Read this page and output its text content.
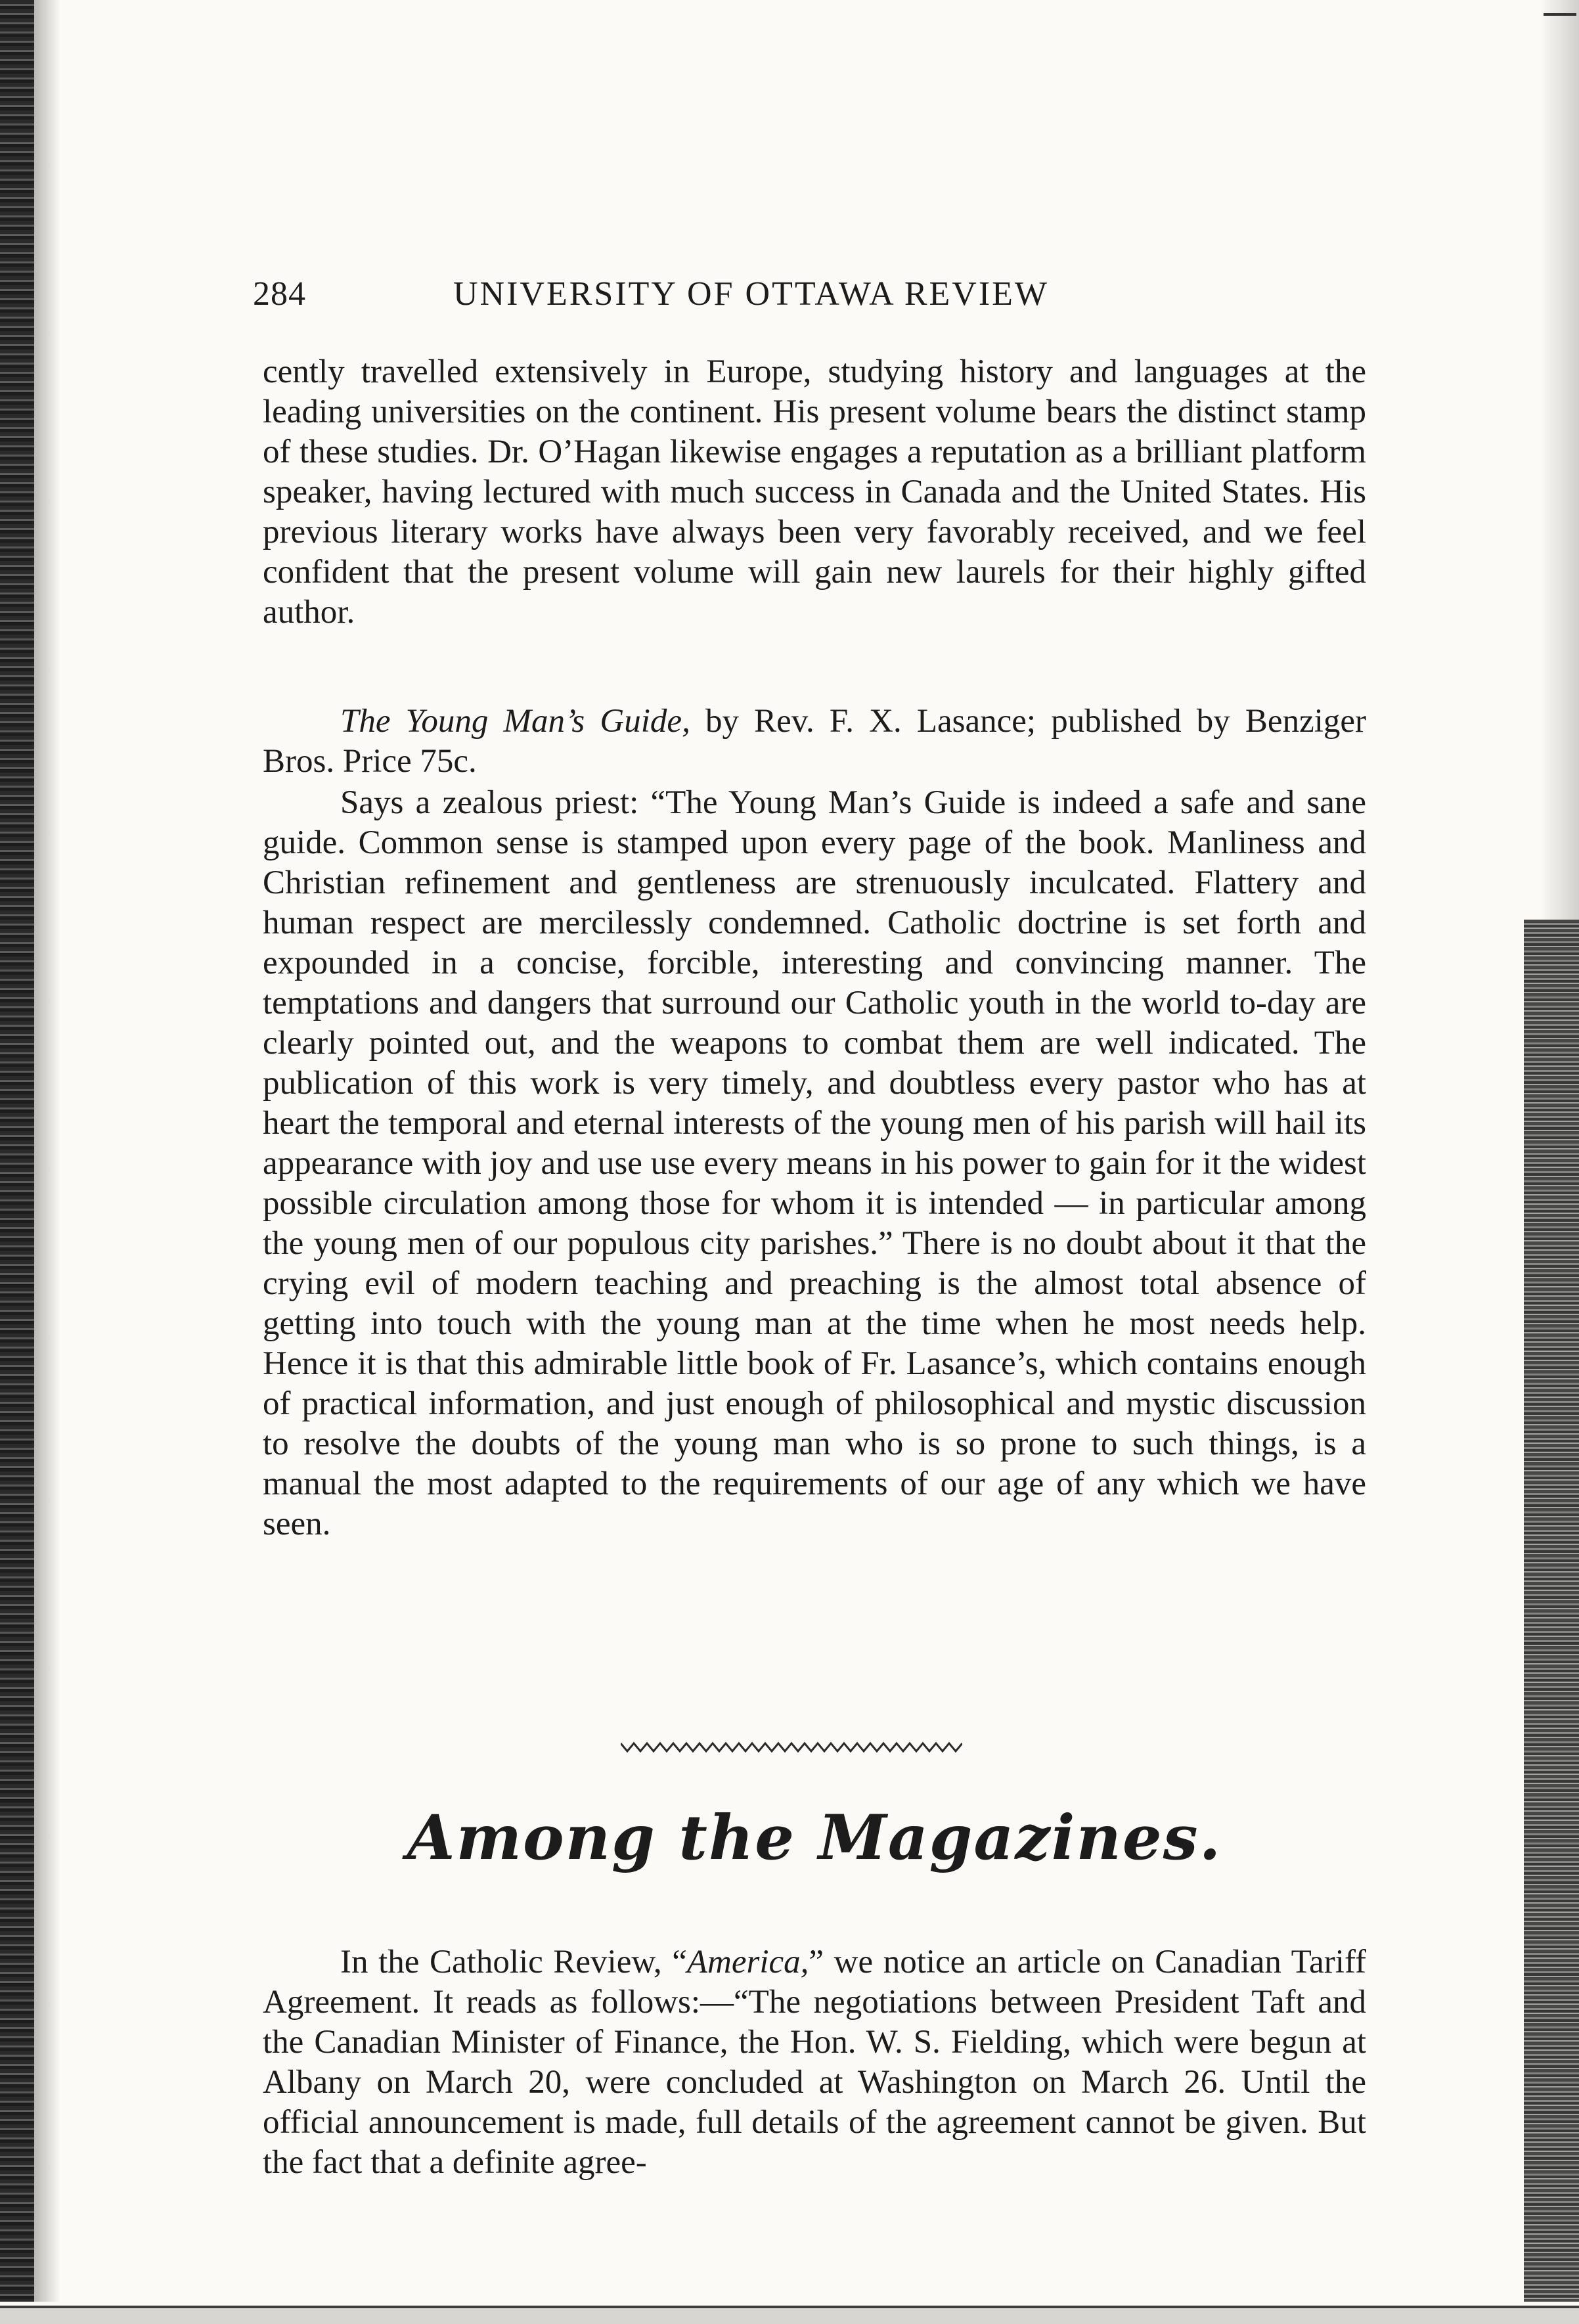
284	UNIVERSITY OF OTTAWA REVIEW

cently travelled extensively in Europe, studying history and languages at the leading universities on the continent. His present volume bears the distinct stamp of these studies. Dr. O’Hagan likewise engages a reputation as a brilliant platform speaker, having lectured with much success in Canada and the United States. His previous literary works have always been very favorably received, and we feel confident that the present volume will gain new laurels for their highly gifted author.

The Young Man’s Guide, by Rev. F. X. Lasance; published by Benziger Bros. Price 75c.

Says a zealous priest: “The Young Man’s Guide is indeed a safe and sane guide. Common sense is stamped upon every page of the book. Manliness and Christian refinement and gentleness are strenuously inculcated. Flattery and human respect are mercilessly condemned. Catholic doctrine is set forth and expounded in a concise, forcible, interesting and convincing manner. The temptations and dangers that surround our Catholic youth in the world to-day are clearly pointed out, and the weapons to combat them are well indicated. The publication of this work is very timely, and doubtless every pastor who has at heart the temporal and eternal interests of the young men of his parish will hail its appearance with joy and use use every means in his power to gain for it the widest possible circulation among those for whom it is intended — in particular among the young men of our populous city parishes.” There is no doubt about it that the crying evil of modern teaching and preaching is the almost total absence of getting into touch with the young man at the time when he most needs help. Hence it is that this admirable little book of Fr. Lasance’s, which contains enough of practical information, and just enough of philosophical and mystic discussion to resolve the doubts of the young man who is so prone to such things, is a manual the most adapted to the requirements of our age of any which we have seen.

Among the Magazines.

In the Catholic Review, “America,” we notice an article on Canadian Tariff Agreement. It reads as follows:—“The negotiations between President Taft and the Canadian Minister of Finance, the Hon. W. S. Fielding, which were begun at Albany on March 20, were concluded at Washington on March 26. Until the official announcement is made, full details of the agreement cannot be given. But the fact that a definite agree-
